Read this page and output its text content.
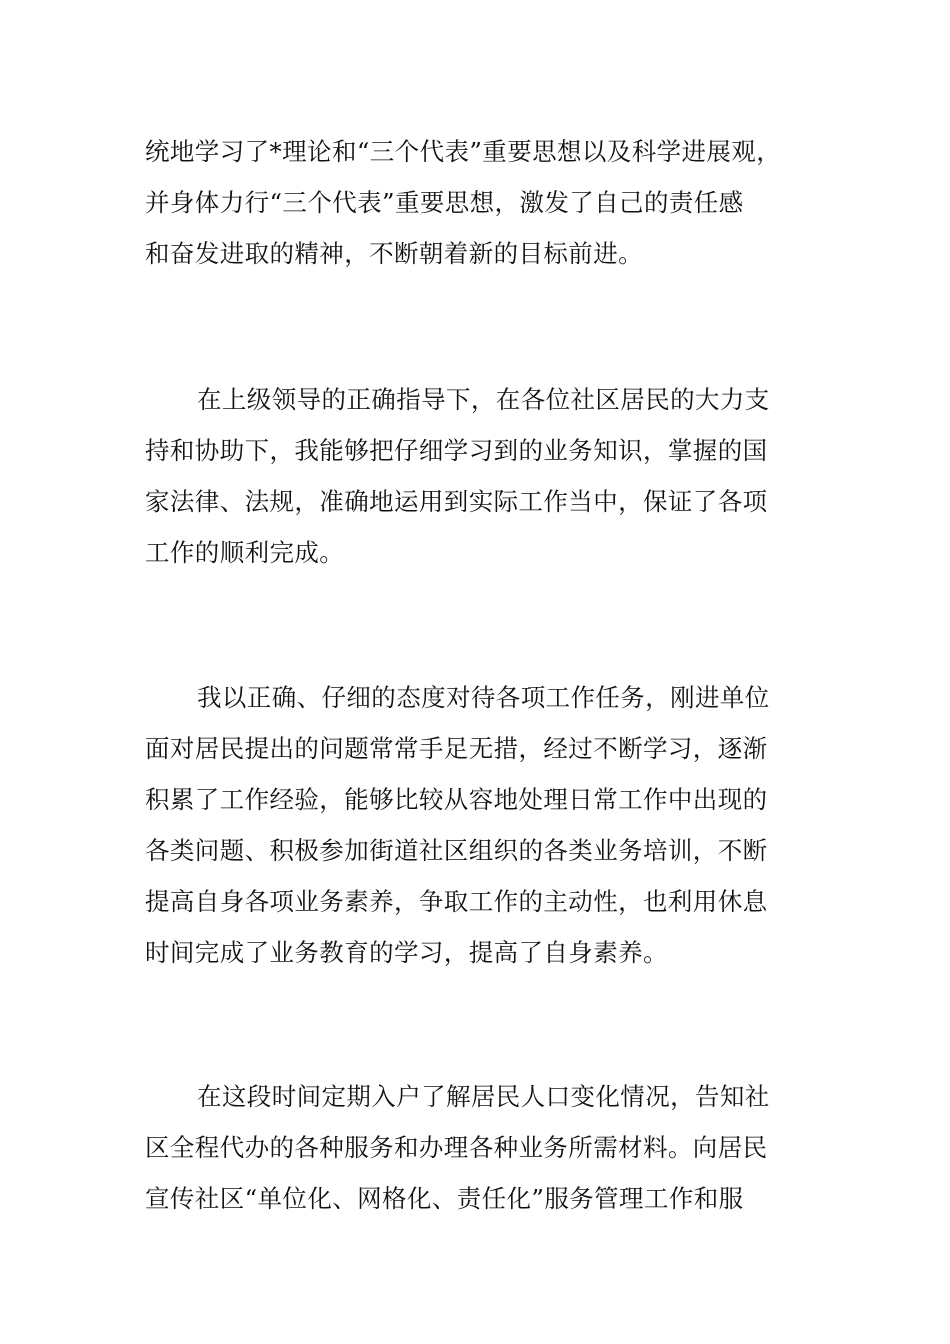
统地学习了*理论和“三个代表”重要思想以及科学进展观，
并身体力行“三个代表”重要思想，激发了自己的责任感
和奋发进取的精神，不断朝着新的目标前进。
在上级领导的正确指导下，在各位社区居民的大力支
持和协助下，我能够把仔细学习到的业务知识，掌握的国
家法律、法规，准确地运用到实际工作当中，保证了各项
工作的顺利完成。
我以正确、仔细的态度对待各项工作任务，刚进单位
面对居民提出的问题常常手足无措，经过不断学习，逐渐
积累了工作经验，能够比较从容地处理日常工作中出现的
各类问题、积极参加街道社区组织的各类业务培训，不断
提高自身各项业务素养，争取工作的主动性，也利用休息
时间完成了业务教育的学习，提高了自身素养。
在这段时间定期入户了解居民人口变化情况，告知社
区全程代办的各种服务和办理各种业务所需材料。向居民
宣传社区“单位化、网格化、责任化”服务管理工作和服
